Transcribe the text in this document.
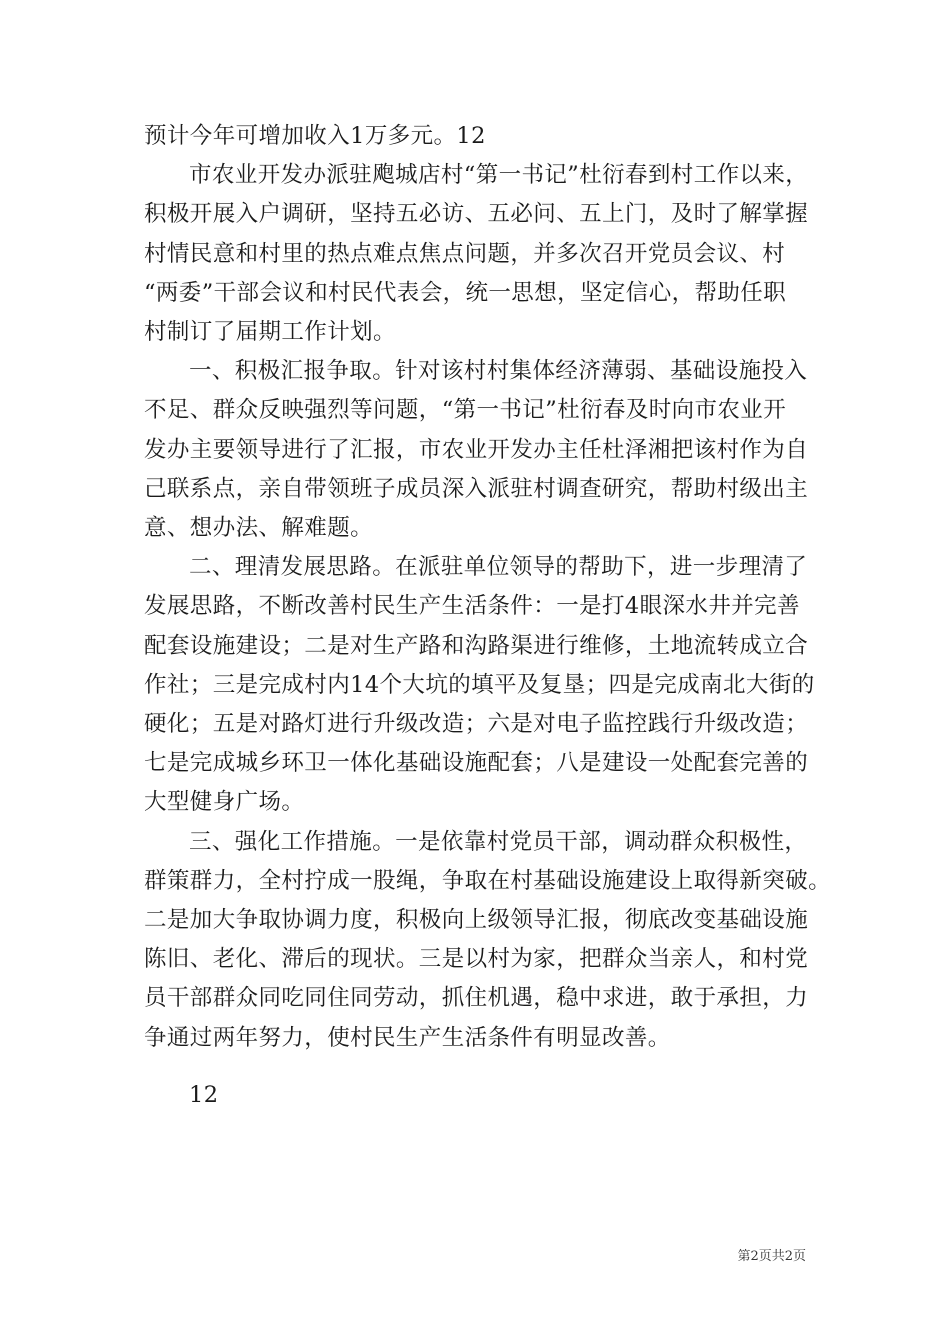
预计今年可增加收入1万多元。12

市农业开发办派驻飑城店村“第一书记”杜衍春到村工作以来，
积极开展入户调研，坚持五必访、五必问、五上门，及时了解掌握
村情民意和村里的热点难点焦点问题，并多次召开党员会议、村
“两委”干部会议和村民代表会，统一思想，坚定信心，帮助任职
村制订了届期工作计划。

一、积极汇报争取。针对该村村集体经济薄弱、基础设施投入
不足、群众反映强烈等问题，“第一书记”杜衍春及时向市农业开
发办主要领导进行了汇报，市农业开发办主任杜泽湘把该村作为自
己联系点，亲自带领班子成员深入派驻村调查研究，帮助村级出主
意、想办法、解难题。

二、理清发展思路。在派驻单位领导的帮助下，进一步理清了
发展思路，不断改善村民生产生活条件：一是打4眼深水井并完善
配套设施建设；二是对生产路和沟路渠进行维修，土地流转成立合
作社；三是完成村内14个大坑的填平及复垦；四是完成南北大街的
硬化；五是对路灯进行升级改造；六是对电子监控践行升级改造；
七是完成城乡环卫一体化基础设施配套；八是建设一处配套完善的
大型健身广场。

三、强化工作措施。一是依靠村党员干部，调动群众积极性，
群策群力，全村拧成一股绳，争取在村基础设施建设上取得新突破。
二是加大争取协调力度，积极向上级领导汇报，彻底改变基础设施
陈旧、老化、滞后的现状。三是以村为家，把群众当亲人，和村党
员干部群众同吃同住同劳动，抓住机遇，稳中求进，敢于承担，力
争通过两年努力，使村民生产生活条件有明显改善。

12

第2页共2页
